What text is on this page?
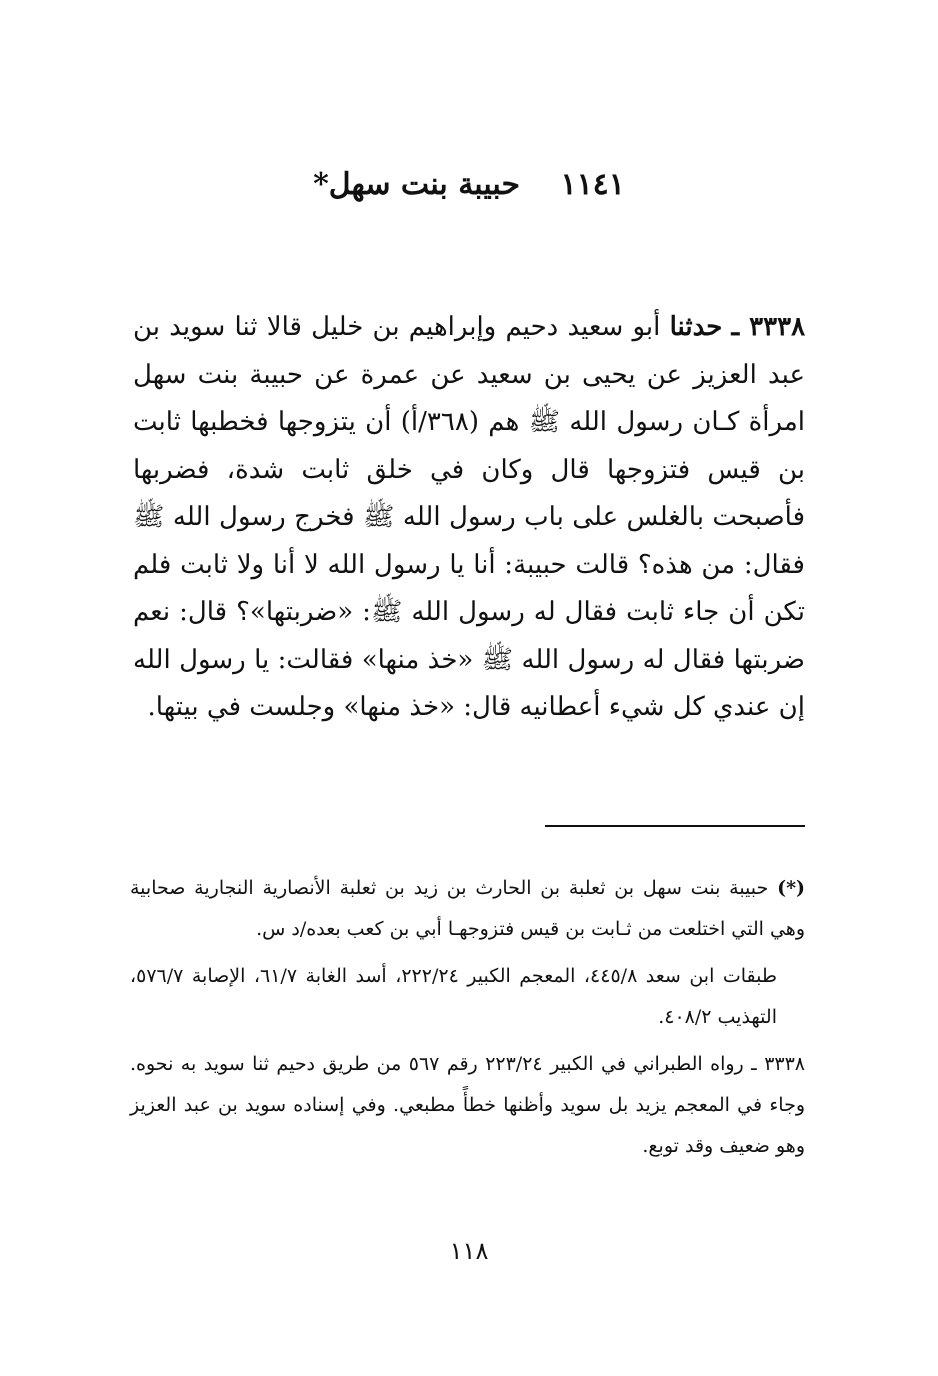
١١٤١ حبيبة بنت سهل*
٣٣٣٨ ـ حدثنا أبو سعيد دحيم وإبراهيم بن خليل قالا ثنا سويد بن عبد العزيز عن يحيى بن سعيد عن عمرة عن حبيبة بنت سهل امرأة كـان رسول الله ﷺ هم (٣٦٨/أ) أن يتزوجها فخطبها ثابت بن قيس فتزوجها قال وكان في خلق ثابت شدة، فضربها فأصبحت بالغلس على باب رسول الله ﷺ فخرج رسول الله ﷺ فقال: من هذه؟ قالت حبيبة: أنا يا رسول الله لا أنا ولا ثابت فلم تكن أن جاء ثابت فقال له رسول الله ﷺ: «ضربتها»؟ قال: نعم ضربتها فقال له رسول الله ﷺ «خذ منها» فقالت: يا رسول الله إن عندي كل شيء أعطانيه قال: «خذ منها» وجلست في بيتها.

(*) حبيبة بنت سهل بن ثعلبة بن الحارث بن زيد بن ثعلبة الأنصارية النجارية صحابية وهي التي اختلعت من ثـابت بن قيس فتزوجهـا أبي بن كعب بعده/د س.

طبقات ابن سعد ٤٤٥/٨، المعجم الكبير ٢٢٢/٢٤، أسد الغابة ٦١/٧، الإصابة ٥٧٦/٧، التهذيب ٤٠٨/٢.

٣٣٣٨ ـ رواه الطبراني في الكبير ٢٢٣/٢٤ رقم ٥٦٧ من طريق دحيم ثنا سويد به نحوه. وجاء في المعجم يزيد بل سويد وأظنها خطأً مطبعي. وفي إسناده سويد بن عبد العزيز وهو ضعيف وقد توبع.

١١٨
